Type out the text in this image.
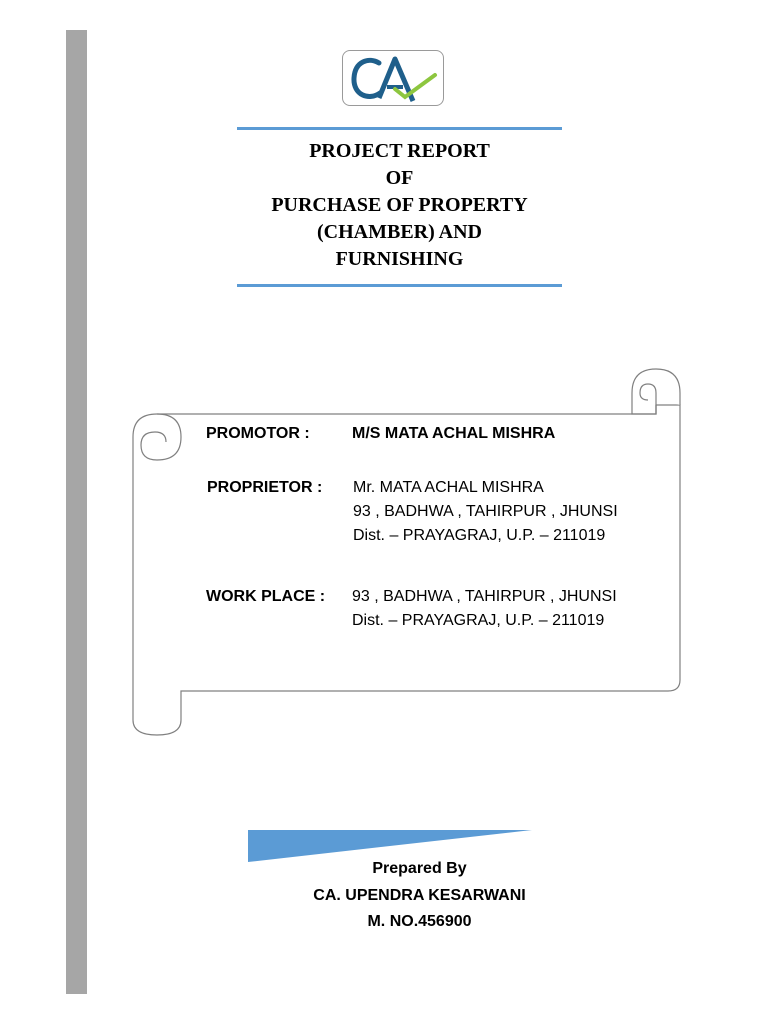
CA
PROJECT REPORT
OF
PURCHASE OF PROPERTY
(CHAMBER) AND
FURNISHING
PROMOTOR :	M/S MATA ACHAL MISHRA
PROPRIETOR : Mr. MATA ACHAL MISHRA
93 , BADHWA , TAHIRPUR , JHUNSI
Dist. – PRAYAGRAJ, U.P. – 211019
WORK PLACE : 93 , BADHWA , TAHIRPUR , JHUNSI
Dist. – PRAYAGRAJ, U.P. – 211019
Prepared By
CA. UPENDRA KESARWANI
M. NO.456900
